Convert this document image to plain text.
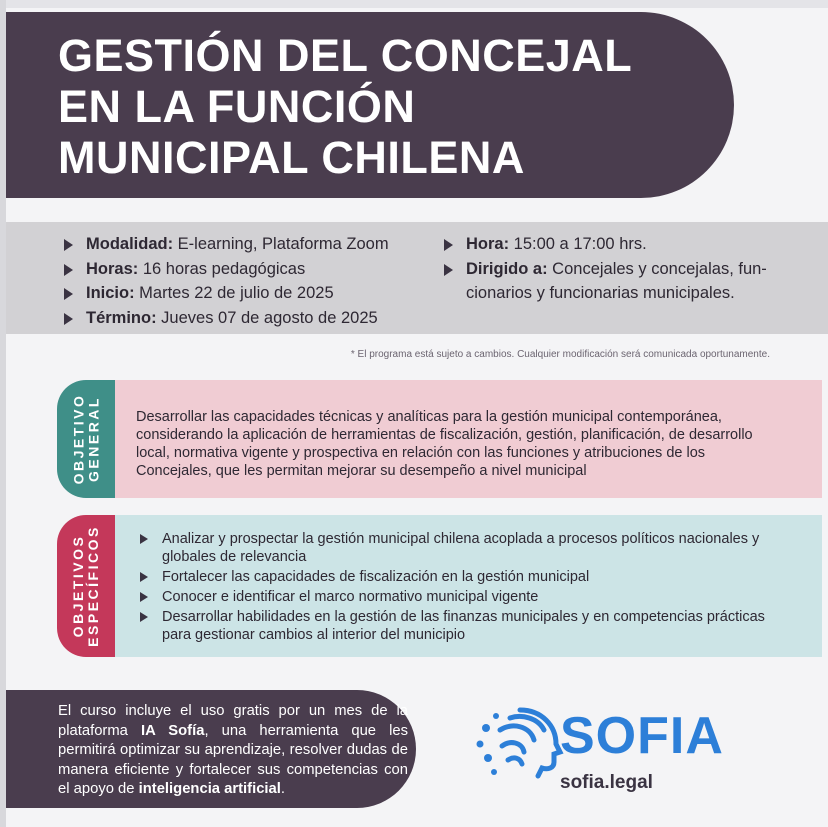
GESTIÓN DEL CONCEJAL
EN LA FUNCIÓN
MUNICIPAL CHILENA
Modalidad: E-learning, Plataforma Zoom
Horas: 16 horas pedagógicas
Inicio: Martes 22 de julio de 2025
Término: Jueves 07 de agosto de 2025
Hora: 15:00 a 17:00 hrs.
Dirigido a: Concejales y concejalas, fun-cionarios y funcionarias municipales.
* El programa está sujeto a cambios. Cualquier modificación será comunicada oportunamente.
OBJETIVO GENERAL Desarrollar las capacidades técnicas y analíticas para la gestión municipal contemporánea, considerando la aplicación de herramientas de fiscalización, gestión, planificación, de desarrollo local, normativa vigente y prospectiva en relación con las funciones y atribuciones de los Concejales, que les permitan mejorar su desempeño a nivel municipal
OBJETIVOS ESPECÍFICOS	Analizar y prospectar la gestión municipal chilena acoplada a procesos políticos nacionales y globales de relevancia
Fortalecer las capacidades de fiscalización en la gestión municipal
Conocer e identificar el marco normativo municipal vigente
Desarrollar habilidades en la gestión de las finanzas municipales y en competencias prácticas para gestionar cambios al interior del municipio
El curso incluye el uso gratis por un mes de la plataforma IA Sofía, una herramienta que les permitirá optimizar su aprendizaje, resolver dudas de manera eficiente y fortalecer sus competencias con el apoyo de inteligencia artificial.
SOFIA
sofia.legal
